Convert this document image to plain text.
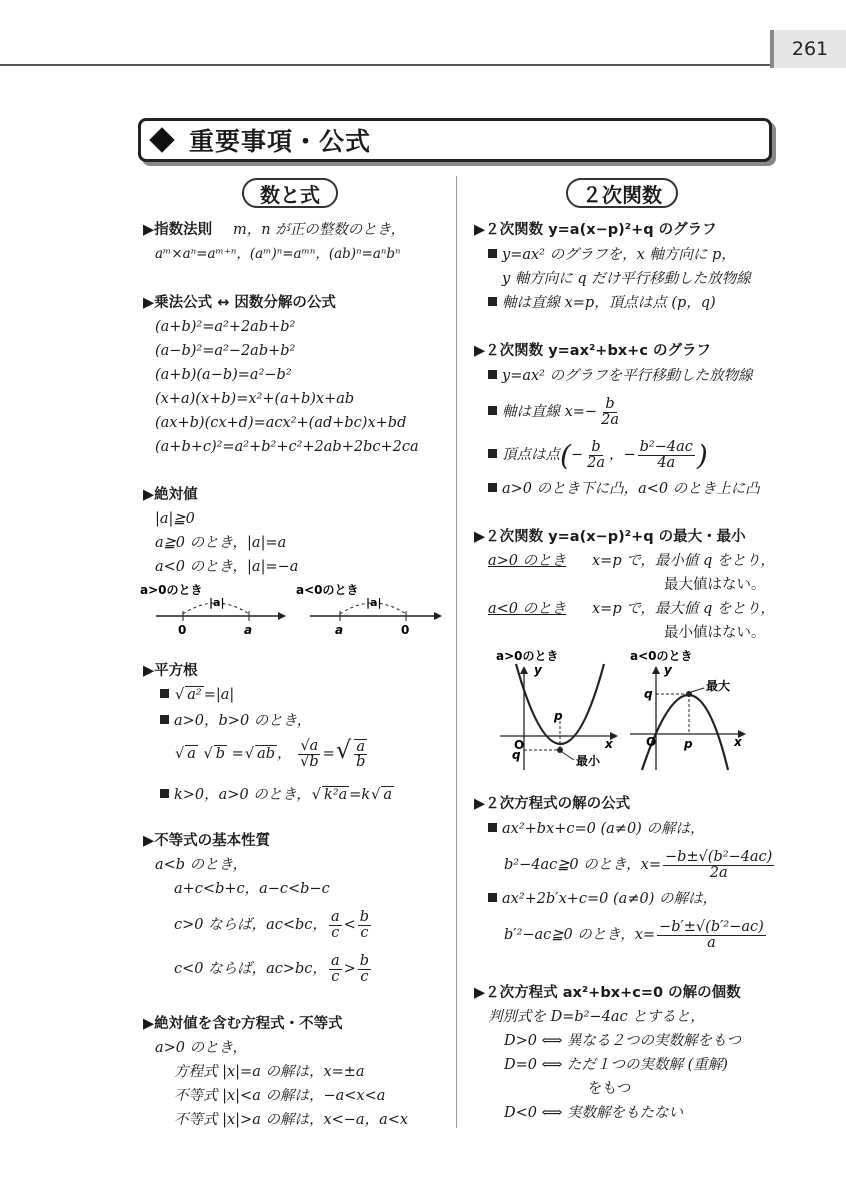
261
重要事項・公式
数と式
▶指数法則 m，n が正の整数のとき，
aᵐ×aⁿ=aᵐ⁺ⁿ，(aᵐ)ⁿ=aᵐⁿ，(ab)ⁿ=aⁿbⁿ
▶乗法公式 ↔ 因数分解の公式
(a+b)²=a²+2ab+b²
(a−b)²=a²−2ab+b²
(a+b)(a−b)=a²−b²
(x+a)(x+b)=x²+(a+b)x+ab
(ax+b)(cx+d)=acx²+(ad+bc)x+bd
(a+b+c)²=a²+b²+c²+2ab+2bc+2ca
▶絶対値
|a|≧0
a≧0 のとき，|a|=a
a<0 のとき，|a|=−a
a>0のとき
|a|
0	a
a<0のとき
|a|
a	0
▶平方根
√ a² =|a|
a>0，b>0 のとき，
√ a √ b =√ ab ， $\frac{√a}{√b}$ =√ $\frac{a}{b}$
k>0，a>0 のとき，√ k²a =k√ a
▶不等式の基本性質
a<b のとき，
a+c<b+c，a−c<b−c
c>0 ならば，ac<bc， $\frac{a}{c} < \frac{b}{c}$
c<0 ならば，ac>bc， $\frac{a}{c} > \frac{b}{c}$
▶絶対値を含む方程式・不等式
a>0 のとき，
方程式 |x|=a の解は，x=±a
不等式 |x|<a の解は，−a<x<a
不等式 |x|>a の解は，x<−a，a<x
２次関数
▶２次関数 y=a(x−p)²+q のグラフ
y=ax² のグラフを，x 軸方向に p，
y 軸方向に q だけ平行移動した放物線
軸は直線 x=p，頂点は点 (p，q)
▶２次関数 y=ax²+bx+c のグラフ
y=ax² のグラフを平行移動した放物線
軸は直線 $x=- \frac{b}{2a}$
頂点は点(− $\frac{b}{2a}$ ，− $\frac{\text{b²−4ac}}{4a}$ )
a>0 のとき下に凸，a<0 のとき上に凸
▶２次関数 y=a(x−p)²+q の最大・最小
a>0 のとき x=p で，最小値 q をとり，
最大値はない。
a<0 のとき x=p で，最大値 q をとり，
最小値はない。
a>0のとき
y
x
O
p
q	最小
a<0のとき
y
x
O p
q
最大
▶２次方程式の解の公式
ax²+bx+c=0 (a≠0) の解は，
b²−4ac≧0 のとき，$x= \frac{\text{−b±√(b²−4ac)}}{2a}$
ax²+2b′x+c=0 (a≠0) の解は，
b′²−ac≧0 のとき，$x= \frac{\text{−b′±√(b′²−ac)}}{a}$
▶２次方程式 ax²+bx+c=0 の解の個数
判別式を D=b²−4ac とすると，
D>0 ⟺ 異なる２つの実数解をもつ
D=0 ⟺ ただ１つの実数解 (重解)
をもつ
D<0 ⟺ 実数解をもたない
